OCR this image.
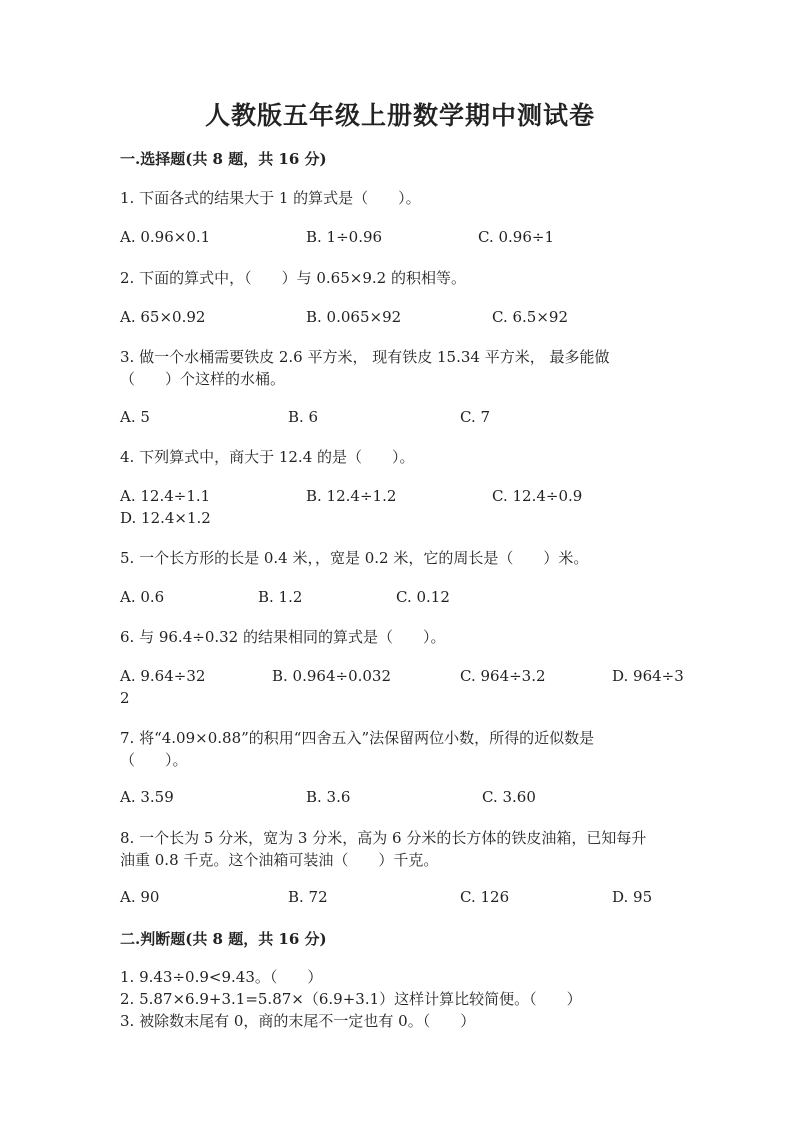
人教版五年级上册数学期中测试卷
一.选择题(共 8 题，共 16 分)
1. 下面各式的结果大于 1 的算式是（　　）。
A. 0.96×0.1	B. 1÷0.96	C. 0.96÷1
2. 下面的算式中，（　　）与 0.65×9.2 的积相等。
A. 65×0.92	B. 0.065×92	C. 6.5×92
3. 做一个水桶需要铁皮 2.6 平方米， 现有铁皮 15.34 平方米， 最多能做
（　　）个这样的水桶。
A. 5	B. 6	C. 7
4. 下列算式中，商大于 12.4 的是（　　）。
A. 12.4÷1.1	B. 12.4÷1.2	C. 12.4÷0.9
D. 12.4×1.2
5. 一个长方形的长是 0.4 米，，宽是 0.2 米，它的周长是（　　）米。
A. 0.6	B. 1.2	C. 0.12
6. 与 96.4÷0.32 的结果相同的算式是（　　）。
A. 9.64÷32	B. 0.964÷0.032	C. 964÷3.2	D. 964÷3
2
7. 将“4.09×0.88”的积用“四舍五入”法保留两位小数，所得的近似数是
（　　）。
A. 3.59	B. 3.6	C. 3.60
8. 一个长为 5 分米，宽为 3 分米，高为 6 分米的长方体的铁皮油箱，已知每升
油重 0.8 千克。这个油箱可装油（　　）千克。
A. 90	B. 72	C. 126	D. 95
二.判断题(共 8 题，共 16 分)
1. 9.43÷0.9<9.43。（　　）
2. 5.87×6.9+3.1=5.87×（6.9+3.1）这样计算比较简便。（　　）
3. 被除数末尾有 0，商的末尾不一定也有 0。（　　）
